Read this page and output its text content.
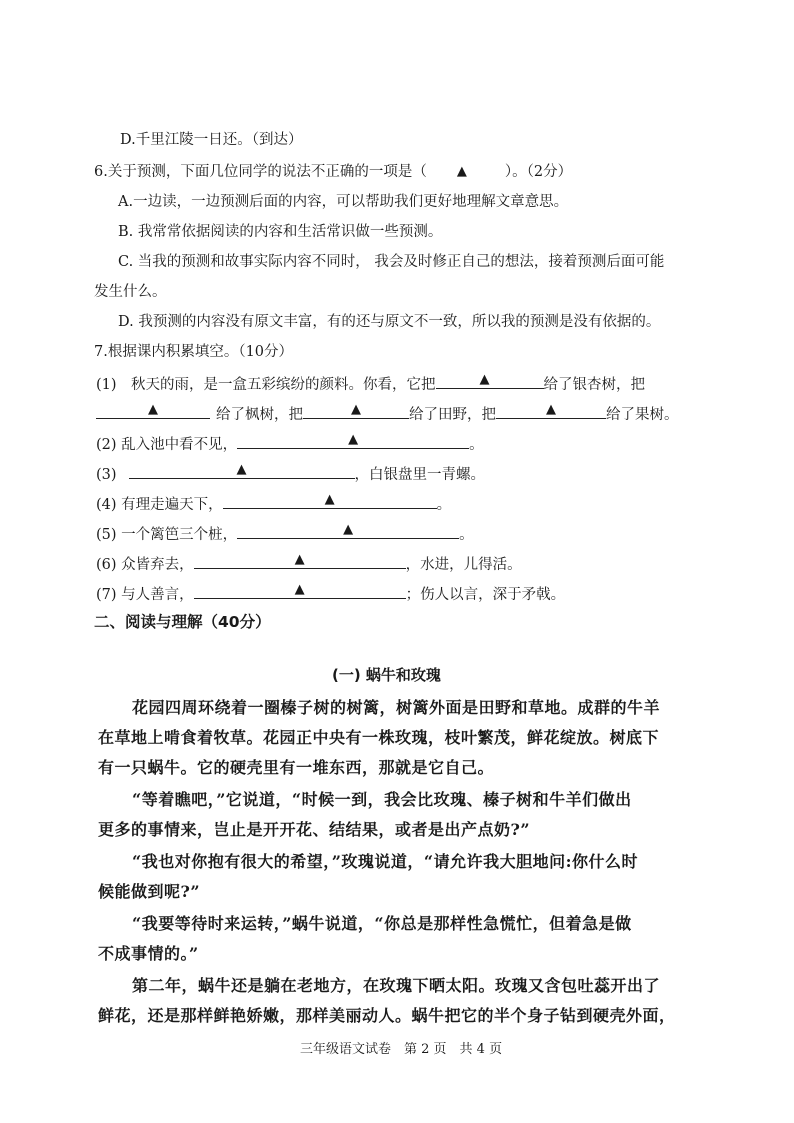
D.千里江陵一日还。（到达）
6.关于预测，下面几位同学的说法不正确的一项是（ ▲	）。（2分）
A.一边读，一边预测后面的内容，可以帮助我们更好地理解文章意思。
B. 我常常依据阅读的内容和生活常识做一些预测。
C. 当我的预测和故事实际内容不同时， 我会及时修正自己的想法，接着预测后面可能
发生什么。
D. 我预测的内容没有原文丰富，有的还与原文不一致，所以我的预测是没有依据的。
7.根据课内积累填空。（10分）
(1)　秋天的雨，是一盒五彩缤纷的颜料。你看，它把	▲	给了银杏树，把
▲	给了枫树，把	▲	给了田野，把	▲	给了果树。
(2) 乱入池中看不见，	▲	。
(3)	▲	，白银盘里一青螺。
(4) 有理走遍天下，	▲	。
(5) 一个篱笆三个桩，	▲	。
(6) 众皆弃去，	▲	，水进，儿得活。
(7) 与人善言，	▲	；伤人以言，深于矛戟。
二、阅读与理解（40分）
(一) 蜗牛和玫瑰
花园四周环绕着一圈榛子树的树篱，树篱外面是田野和草地。成群的牛羊
在草地上啃食着牧草。花园正中央有一株玫瑰，枝叶繁茂，鲜花绽放。树底下
有一只蜗牛。它的硬壳里有一堆东西，那就是它自己。
“等着瞧吧，”它说道，“时候一到，我会比玫瑰、榛子树和牛羊们做出
更多的事情来，岂止是开开花、结结果，或者是出产点奶?”
“我也对你抱有很大的希望，”玫瑰说道，“请允许我大胆地问:你什么时
候能做到呢?”
“我要等待时来运转，”蜗牛说道，“你总是那样性急慌忙，但着急是做
不成事情的。”
第二年，蜗牛还是躺在老地方，在玫瑰下晒太阳。玫瑰又含包吐蕊开出了
鲜花，还是那样鲜艳娇嫩，那样美丽动人。蜗牛把它的半个身子钻到硬壳外面，
三年级语文试卷　第 2 页　共 4 页
